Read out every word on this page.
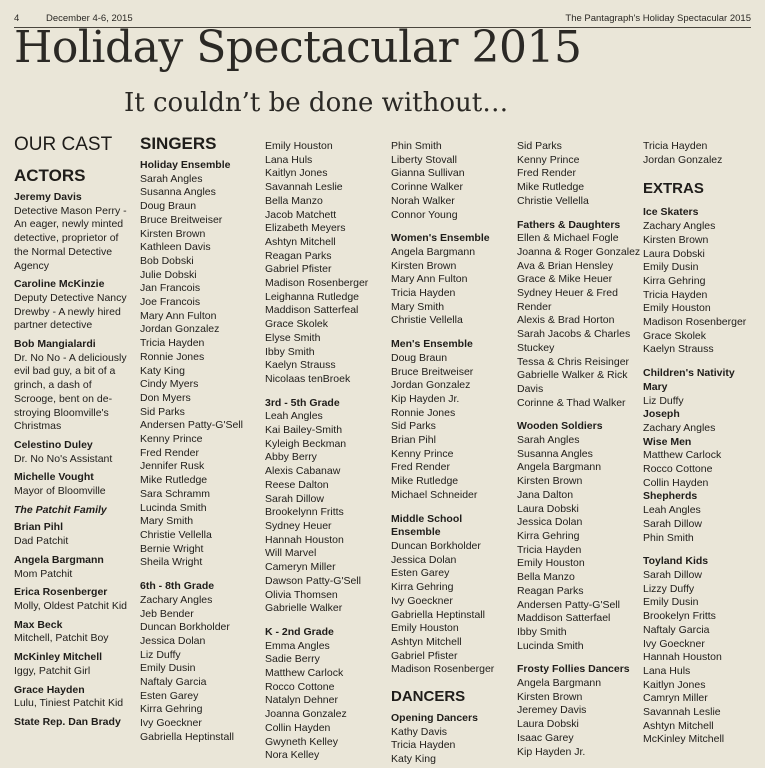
4	December 4-6, 2015	The Pantagraph's Holiday Spectacular 2015
Holiday Spectacular 2015
It couldn’t be done without…
OUR CAST
ACTORS
Jeremy Davis
Detective Mason Perry - An eager, newly minted detective, proprietor of the Normal Detective Agency
Caroline McKinzie
Deputy Detective Nancy Drewby - A newly hired partner detective
Bob Mangialardi
Dr. No No - A deliciously evil bad guy, a bit of a grinch, a dash of Scrooge, bent on de-stroying Bloomville's Christmas
Celestino Duley
Dr. No No's Assistant
Michelle Vought
Mayor of Bloomville
The Patchit Family
Brian Pihl
Dad Patchit
Angela Bargmann
Mom Patchit
Erica Rosenberger
Molly, Oldest Patchit Kid
Max Beck
Mitchell, Patchit Boy
McKinley Mitchell
Iggy, Patchit Girl
Grace Hayden
Lulu, Tiniest Patchit Kid
State Rep. Dan Brady
SINGERS
Holiday Ensemble
Sarah Angles
Susanna Angles
Doug Braun
Bruce Breitweiser
Kirsten Brown
Kathleen Davis
Bob Dobski
Julie Dobski
Jan Francois
Joe Francois
Mary Ann Fulton
Jordan Gonzalez
Tricia Hayden
Ronnie Jones
Katy King
Cindy Myers
Don Myers
Sid Parks
Andersen Patty-G'Sell
Kenny Prince
Fred Render
Jennifer Rusk
Mike Rutledge
Sara Schramm
Lucinda Smith
Mary Smith
Christie Vellella
Bernie Wright
Sheila Wright
6th - 8th Grade
Zachary Angles
Jeb Bender
Duncan Borkholder
Jessica Dolan
Liz Duffy
Emily Dusin
Naftaly Garcia
Esten Garey
Kirra Gehring
Ivy Goeckner
Gabriella Heptinstall
Emily Houston
Lana Huls
Kaitlyn Jones
Savannah Leslie
Bella Manzo
Jacob Matchett
Elizabeth Meyers
Ashtyn Mitchell
Reagan Parks
Gabriel Pfister
Madison Rosenberger
Leighanna Rutledge
Maddison Satterfeal
Grace Skolek
Elyse Smith
Ibby Smith
Kaelyn Strauss
Nicolaas tenBroek
3rd - 5th Grade
Leah Angles
Kai Bailey-Smith
Kyleigh Beckman
Abby Berry
Alexis Cabanaw
Reese Dalton
Sarah Dillow
Brookelynn Fritts
Sydney Heuer
Hannah Houston
Will Marvel
Cameryn Miller
Dawson Patty-G'Sell
Olivia Thomsen
Gabrielle Walker
K - 2nd Grade
Emma Angles
Sadie Berry
Matthew Carlock
Rocco Cottone
Natalyn Dehner
Joanna Gonzalez
Collin Hayden
Gwyneth Kelley
Nora Kelley
Phin Smith
Liberty Stovall
Gianna Sullivan
Corinne Walker
Norah Walker
Connor Young
Women's Ensemble
Angela Bargmann
Kirsten Brown
Mary Ann Fulton
Tricia Hayden
Mary Smith
Christie Vellella
Men's Ensemble
Doug Braun
Bruce Breitweiser
Jordan Gonzalez
Kip Hayden Jr.
Ronnie Jones
Sid Parks
Brian Pihl
Kenny Prince
Fred Render
Mike Rutledge
Michael Schneider
Middle School Ensemble
Duncan Borkholder
Jessica Dolan
Esten Garey
Kirra Gehring
Ivy Goeckner
Gabriella Heptinstall
Emily Houston
Ashtyn Mitchell
Gabriel Pfister
Madison Rosenberger
DANCERS
Opening Dancers
Kathy Davis
Tricia Hayden
Katy King
Sid Parks
Kenny Prince
Fred Render
Mike Rutledge
Christie Vellella
Fathers & Daughters
Ellen & Michael Fogle
Joanna & Roger Gonzalez
Ava & Brian Hensley
Grace & Mike Heuer
Sydney Heuer & Fred
Render
Alexis & Brad Horton
Sarah Jacobs & Charles
Stuckey
Tessa & Chris Reisinger
Gabrielle Walker & Rick
Davis
Corinne & Thad Walker
Wooden Soldiers
Sarah Angles
Susanna Angles
Angela Bargmann
Kirsten Brown
Jana Dalton
Laura Dobski
Jessica Dolan
Kirra Gehring
Tricia Hayden
Emily Houston
Bella Manzo
Reagan Parks
Andersen Patty-G'Sell
Maddison Satterfael
Ibby Smith
Lucinda Smith
Frosty Follies Dancers
Angela Bargmann
Kirsten Brown
Jeremey Davis
Laura Dobski
Isaac Garey
Kip Hayden Jr.
Tricia Hayden
Jordan Gonzalez
EXTRAS
Ice Skaters
Zachary Angles
Kirsten Brown
Laura Dobski
Emily Dusin
Kirra Gehring
Tricia Hayden
Emily Houston
Madison Rosenberger
Grace Skolek
Kaelyn Strauss
Children's Nativity
Mary
Liz Duffy
Joseph
Zachary Angles
Wise Men
Matthew Carlock
Rocco Cottone
Collin Hayden
Shepherds
Leah Angles
Sarah Dillow
Phin Smith
Toyland Kids
Sarah Dillow
Lizzy Duffy
Emily Dusin
Brookelyn Fritts
Naftaly Garcia
Ivy Goeckner
Hannah Houston
Lana Huls
Kaitlyn Jones
Camryn Miller
Savannah Leslie
Ashtyn Mitchell
McKinley Mitchell
